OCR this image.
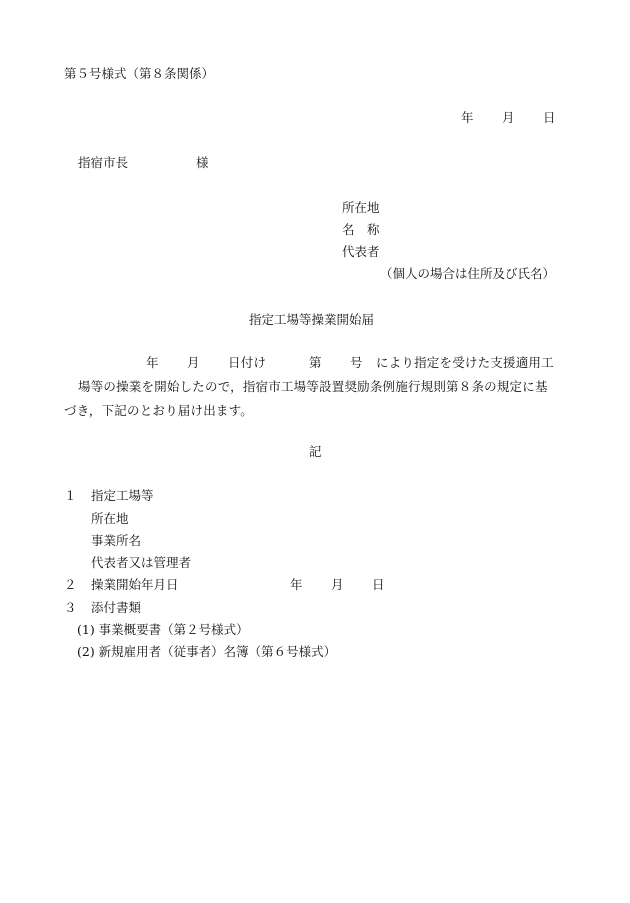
第５号様式（第８条関係）
年 月 日
指宿市長	様
所在地
名　称
代表者
（個人の場合は住所及び氏名）
指定工場等操業開始届
年 月 日付け	第 号 により指定を受けた支援適用工
場等の操業を開始したので，指宿市工場等設置奨励条例施行規則第８条の規定に基
づき，下記のとおり届け出ます。
記
１ 指定工場等
所在地
事業所名
代表者又は管理者
２ 操業開始年月日	年 月 日
３ 添付書類
(1) 事業概要書（第２号様式）
(2) 新規雇用者（従事者）名簿（第６号様式）
